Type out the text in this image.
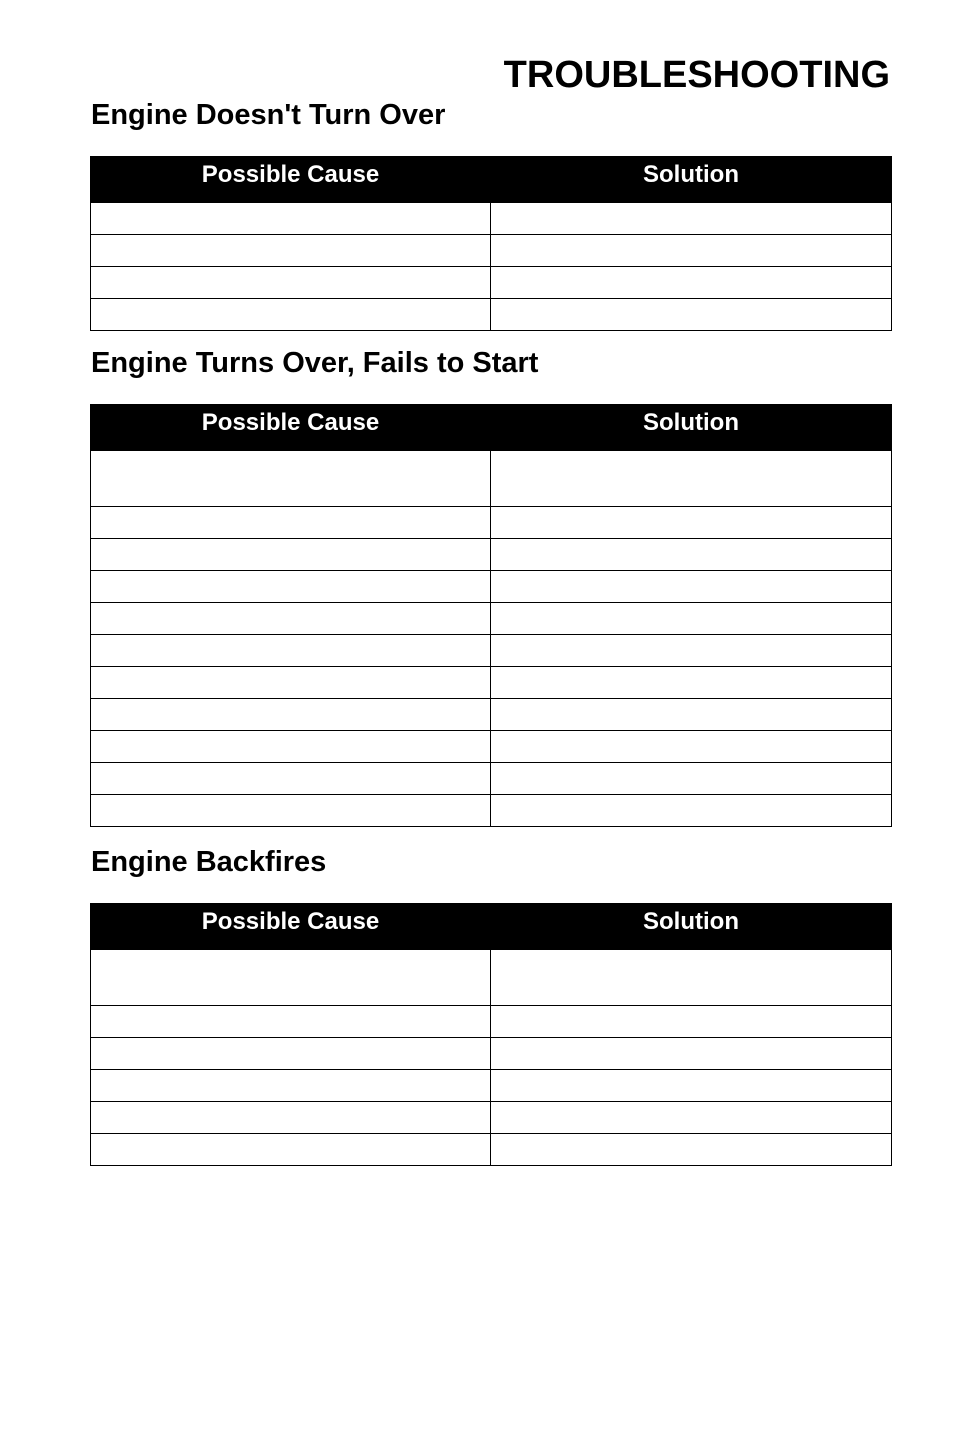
TROUBLESHOOTING
Engine Doesn't Turn Over
Possible Cause	Solution

Engine Turns Over, Fails to Start
Possible Cause	Solution

Engine Backfires
Possible Cause	Solution
